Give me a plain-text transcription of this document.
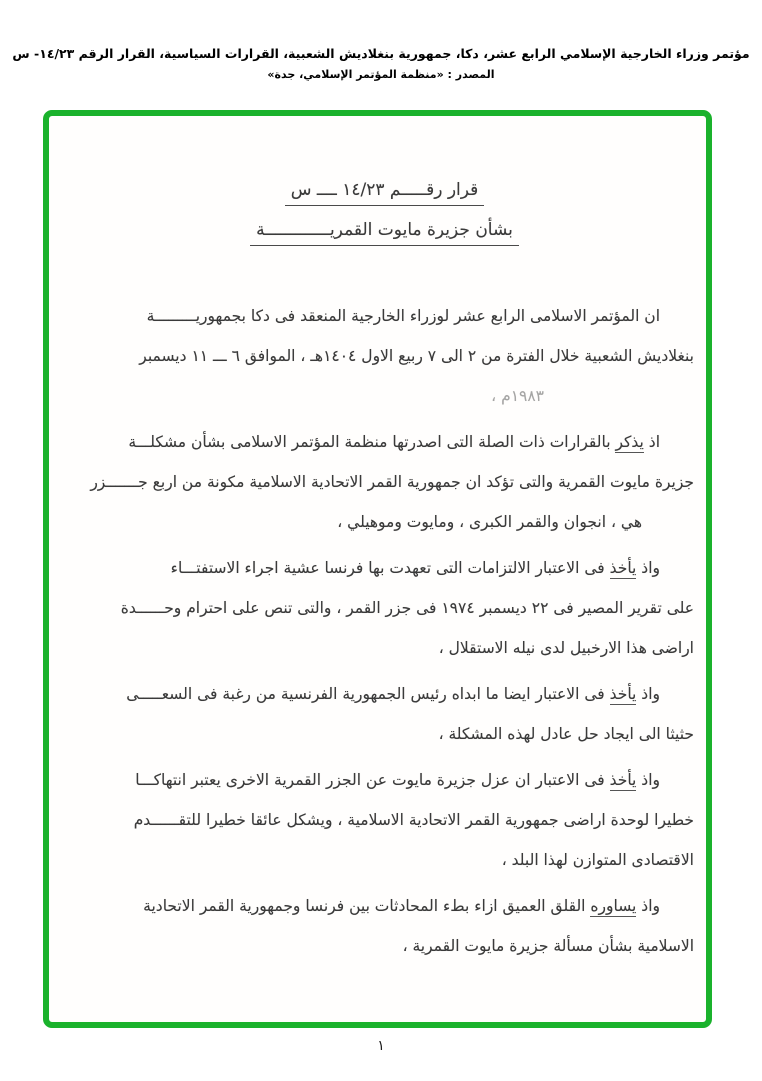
مؤتمر وزراء الخارجية الإسلامي الرابع عشر، دكا، جمهورية بنغلاديش الشعبية، القرارات السياسية، القرار الرقم ١٤/٢٣- س
المصدر : «منظمة المؤتمر الإسلامي، جدة»
قرار رقـــــم ١٤/٢٣ ــــ س
بشأن جزيرة مايوت القمريـــــــــــــة
ان المؤتمر الاسلامى الرابع عشر لوزراء الخارجية المنعقد فى دكا بجمهوريـــــــــة
بنغلاديش الشعبية خلال الفترة من ٢ الى ٧ ربيع الاول ١٤٠٤هـ ، الموافق ٦ ـــ ١١ ديسمبر
١٩٨٣م ،
اذ يذكر بالقرارات ذات الصلة التى اصدرتها منظمة المؤتمر الاسلامى بشأن مشكلـــة
جزيرة مايوت القمرية والتى تؤكد ان جمهورية القمر الاتحادية الاسلامية مكونة من اربع جـــــــزر
هي ، انجوان والقمر الكبرى ، ومايوت وموهيلي ،
واذ يأخذ فى الاعتبار الالتزامات التى تعهدت بها فرنسا عشية اجراء الاستفتـــاء
على تقرير المصير فى ٢٢ ديسمبر ١٩٧٤ فى جزر القمر ، والتى تنص على احترام وحــــــدة
اراضى هذا الارخبيل لدى نيله الاستقلال ،
واذ يأخذ فى الاعتبار ايضا ما ابداه رئيس الجمهورية الفرنسية من رغبة فى السعـــــى
حثيثا الى ايجاد حل عادل لهذه المشكلة ،
واذ يأخذ فى الاعتبار ان عزل جزيرة مايوت عن الجزر القمرية الاخرى يعتبر انتهاكـــا
خطيرا لوحدة اراضى جمهورية القمر الاتحادية الاسلامية ، ويشكل عائقا خطيرا للتقــــــدم
الاقتصادى المتوازن لهذا البلد ،
واذ يساوره القلق العميق ازاء بطء المحادثات بين فرنسا وجمهورية القمر الاتحادية
الاسلامية بشأن مسألة جزيرة مايوت القمرية ،
١
